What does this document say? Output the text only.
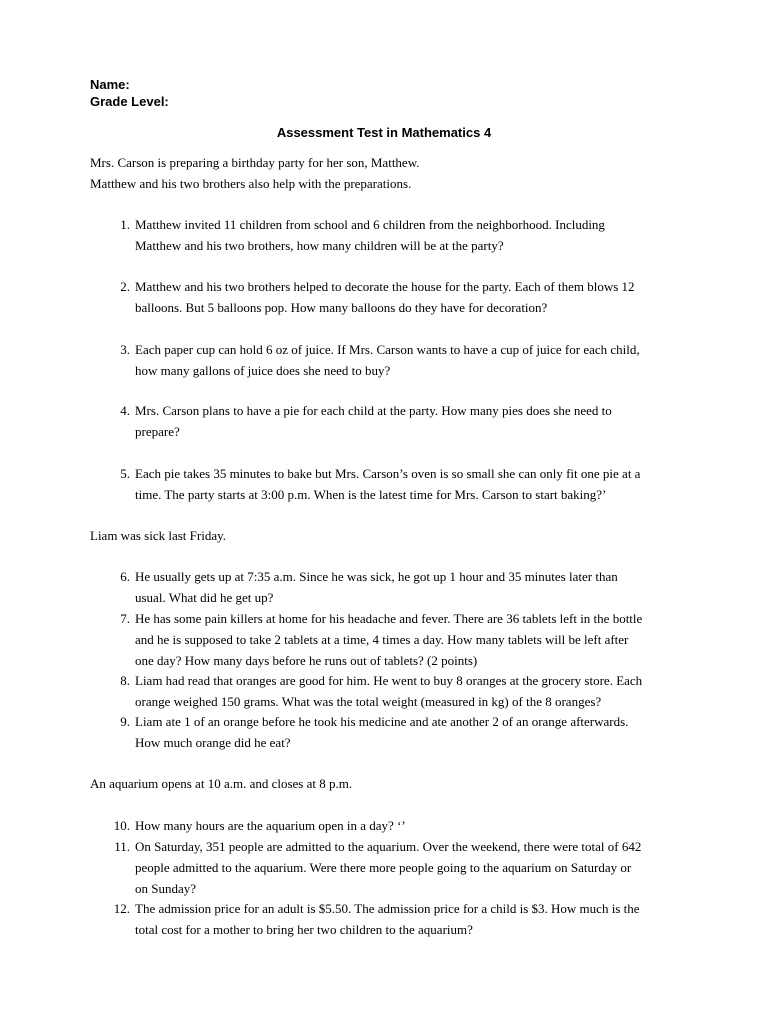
Name:
Grade Level:
Assessment Test in Mathematics 4
Mrs. Carson is preparing a birthday party for her son, Matthew.
Matthew and his two brothers also help with the preparations.
1. Matthew invited 11 children from school and 6 children from the neighborhood. Including
Matthew and his two brothers, how many children will be at the party?
2. Matthew and his two brothers helped to decorate the house for the party. Each of them blows 12
balloons. But 5 balloons pop. How many balloons do they have for decoration?
3. Each paper cup can hold 6 oz of juice. If Mrs. Carson wants to have a cup of juice for each child,
how many gallons of juice does she need to buy?
4. Mrs. Carson plans to have a pie for each child at the party. How many pies does she need to
prepare?
5. Each pie takes 35 minutes to bake but Mrs. Carson’s oven is so small she can only fit one pie at a
time. The party starts at 3:00 p.m. When is the latest time for Mrs. Carson to start baking?’
Liam was sick last Friday.
6. He usually gets up at 7:35 a.m. Since he was sick, he got up 1 hour and 35 minutes later than
usual. What did he get up?
7. He has some pain killers at home for his headache and fever. There are 36 tablets left in the bottle
and he is supposed to take 2 tablets at a time, 4 times a day. How many tablets will be left after
one day? How many days before he runs out of tablets? (2 points)
8. Liam had read that oranges are good for him. He went to buy 8 oranges at the grocery store. Each
orange weighed 150 grams. What was the total weight (measured in kg) of the 8 oranges?
9. Liam ate 1 of an orange before he took his medicine and ate another 2 of an orange afterwards.
How much orange did he eat?
An aquarium opens at 10 a.m. and closes at 8 p.m.
10. How many hours are the aquarium open in a day? ‘’
11. On Saturday, 351 people are admitted to the aquarium. Over the weekend, there were total of 642
people admitted to the aquarium. Were there more people going to the aquarium on Saturday or
on Sunday?
12. The admission price for an adult is $5.50. The admission price for a child is $3. How much is the
total cost for a mother to bring her two children to the aquarium?
